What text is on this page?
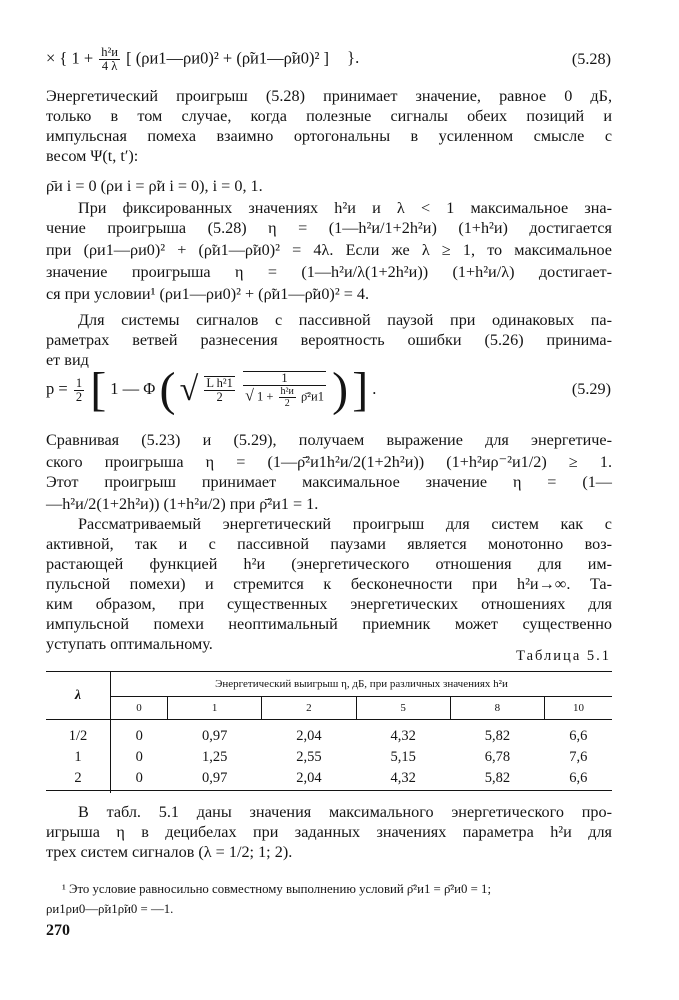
× { $1 + \frac{\text{h²и}}{4 \lambda}$ [ (ρи1—ρи0)² + (ρ̃и1—ρ̃и0)² ] }.	(5.28)
Энергетический проигрыш (5.28) принимает значение, равное 0 дБ,
только в том случае, когда полезные сигналы обеих позиций и
импульсная помеха взаимно ортогональны в усиленном смысле с
весом Ψ(t, t′):
ρ̄и i = 0 (ρи i = ρ̃и i = 0), i = 0, 1.
При фиксированных значениях h²и и λ < 1 максимальное зна-
чение проигрыша (5.28) η = (1—h²и/1+2h²и) (1+h²и) достигается
при (ρи1—ρи0)² + (ρ̃и1—ρ̃и0)² = 4λ. Если же λ ≥ 1, то максимальное
значение проигрыша η = (1—h²и/λ(1+2h²и)) (1+h²и/λ) достигает-
ся при условии¹ (ρи1—ρи0)² + (ρ̃и1—ρ̃и0)² = 4.
Для системы сигналов с пассивной паузой при одинаковых па-
раметрах ветвей разнесения вероятность ошибки (5.26) принима-
ет вид
$p = \frac{1}{2}$ [ 1 — Φ ( √ $\frac{\text{L h²1}}{2}$
	1
√ $1 + \frac{\text{h²и}}{2}$ ρ̄²и1 ) ] .	(5.29)
Сравнивая (5.23) и (5.29), получаем выражение для энергетиче-
ского проигрыша η = (1—ρ̄²и1h²и/2(1+2h²и)) (1+h²иρ⁻²и1/2) ≥ 1.
Этот проигрыш принимает максимальное значение η = (1—
—h²и/2(1+2h²и)) (1+h²и/2) при ρ̄²и1 = 1.
Рассматриваемый энергетический проигрыш для систем как с
активной, так и с пассивной паузами является монотонно воз-
растающей функцией h²и (энергетического отношения для им-
пульсной помехи) и стремится к бесконечности при h²и→∞. Та-
ким образом, при существенных энергетических отношениях для
импульсной помехи неоптимальный приемник может существенно
уступать оптимальному.
Таблица 5.1
λ	Энергетический выигрыш η, дБ, при различных значениях h²и					
	0	1	2	5	8	10
1/2	0	0,97	2,04	4,32	5,82	6,6
1	0	1,25	2,55	5,15	6,78	7,6
2	0	0,97	2,04	4,32	5,82	6,6
В табл. 5.1 даны значения максимального энергетического про-
игрыша η в децибелах при заданных значениях параметра h²и для
трех систем сигналов (λ = 1/2; 1; 2).
¹ Это условие равносильно совместному выполнению условий ρ̄²и1 = ρ̄²и0 = 1;
ρи1ρи0—ρ̃и1ρ̃и0 = —1.
270
